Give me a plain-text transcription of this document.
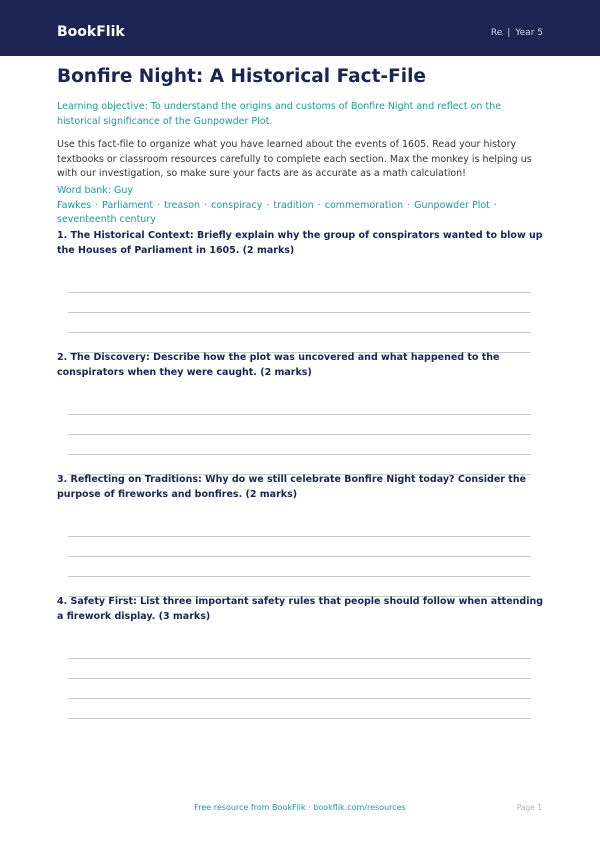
BookFlik	Re | Year 5
Bonfire Night: A Historical Fact-File
Learning objective: To understand the origins and customs of Bonfire Night and reflect on the historical significance of the Gunpowder Plot.
Use this fact-file to organize what you have learned about the events of 1605. Read your history textbooks or classroom resources carefully to complete each section. Max the monkey is helping us with our investigation, so make sure your facts are as accurate as a math calculation!
Word bank: Guy Fawkes · Parliament · treason · conspiracy · tradition · commemoration · Gunpowder Plot · seventeenth century
1. The Historical Context: Briefly explain why the group of conspirators wanted to blow up the Houses of Parliament in 1605. (2 marks)
2. The Discovery: Describe how the plot was uncovered and what happened to the conspirators when they were caught. (2 marks)
3. Reflecting on Traditions: Why do we still celebrate Bonfire Night today? Consider the purpose of fireworks and bonfires. (2 marks)
4. Safety First: List three important safety rules that people should follow when attending a firework display. (3 marks)
Free resource from BookFlik · bookflik.com/resources	Page 1
